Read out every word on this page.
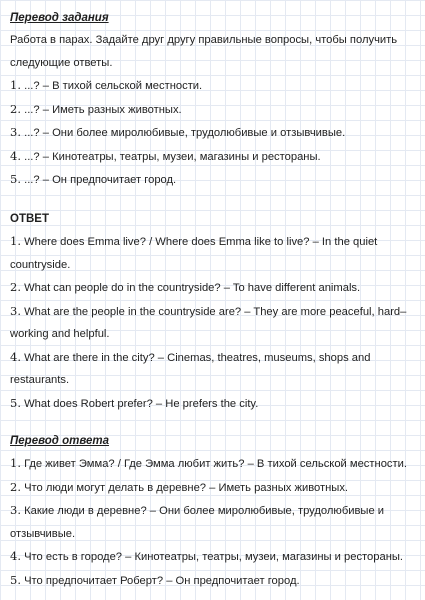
Перевод задания

Работа в парах. Задайте друг другу правильные вопросы, чтобы получить следующие ответы.

1. ...? – В тихой сельской местности.

2. ...? – Иметь разных животных.

3. ...? – Они более миролюбивые, трудолюбивые и отзывчивые.

4. ...? – Кинотеатры, театры, музеи, магазины и рестораны.

5. ...? – Он предпочитает город.

ОТВЕТ

1. Where does Emma live? / Where does Emma like to live? – In the quiet countryside.

2. What can people do in the countryside? – To have different animals.

3. What are the people in the countryside are? – They are more peaceful, hard–working and helpful.

4. What are there in the city? – Cinemas, theatres, museums, shops and restaurants.

5. What does Robert prefer? – He prefers the city.

Перевод ответа

1. Где живет Эмма? / Где Эмма любит жить? – В тихой сельской местности.

2. Что люди могут делать в деревне? – Иметь разных животных.

3. Какие люди в деревне? – Они более миролюбивые, трудолюбивые и отзывчивые.

4. Что есть в городе? – Кинотеатры, театры, музеи, магазины и рестораны.

5. Что предпочитает Роберт? – Он предпочитает город.
